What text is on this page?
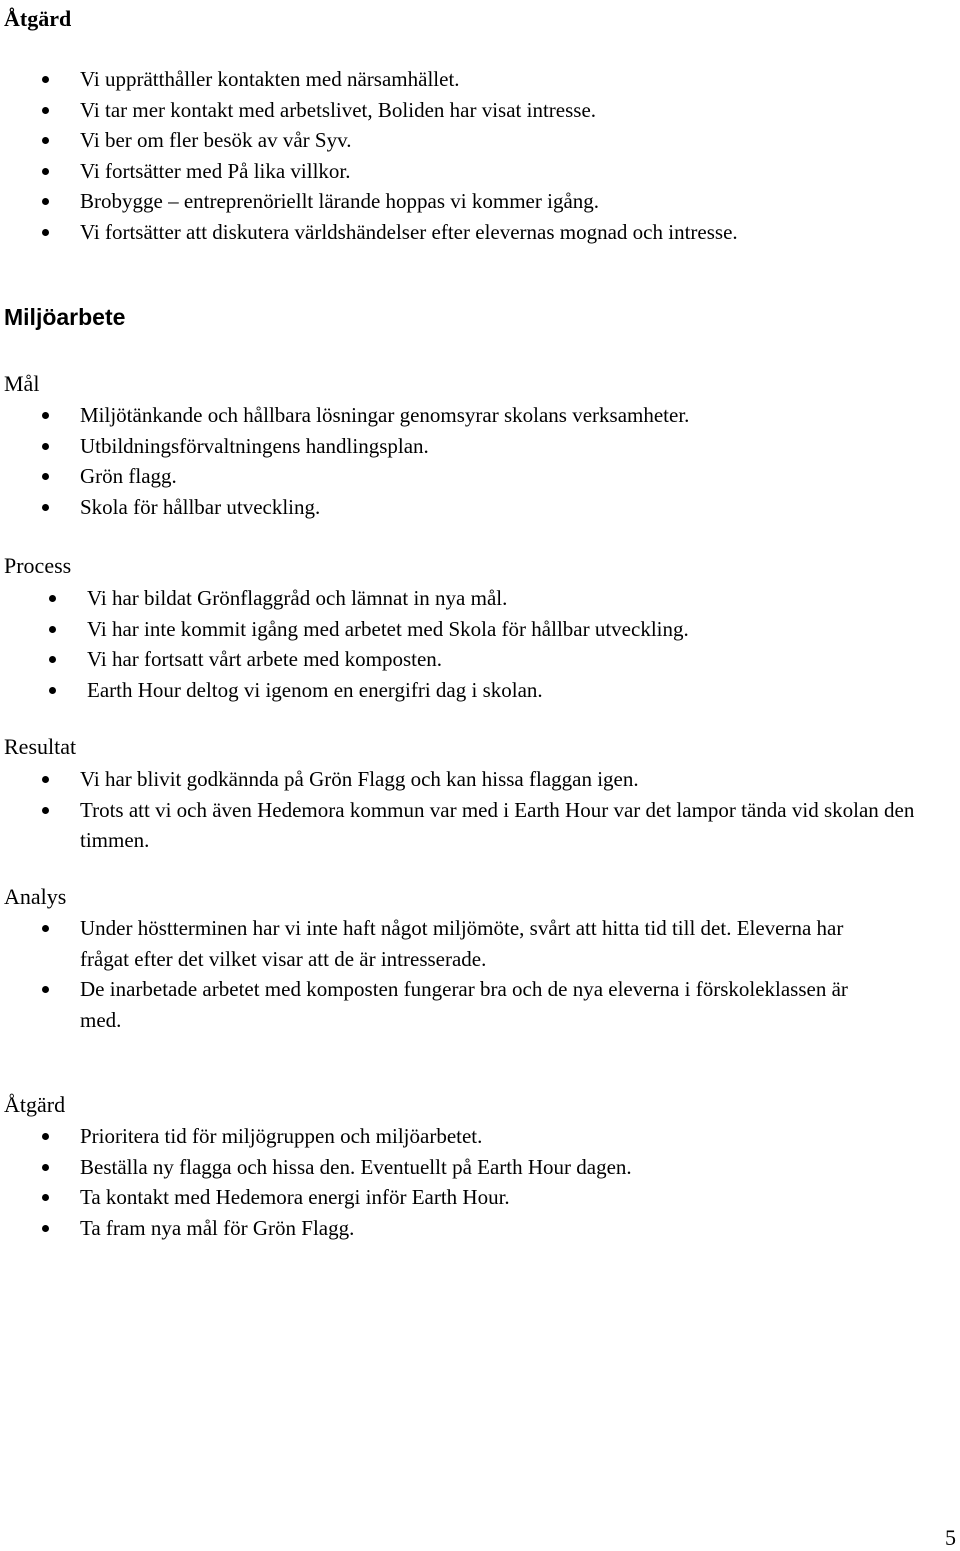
Åtgärd
Vi upprätthåller kontakten med närsamhället.
Vi tar mer kontakt med arbetslivet, Boliden har visat intresse.
Vi ber om fler besök av vår Syv.
Vi fortsätter med På lika villkor.
Brobygge – entreprenöriellt lärande hoppas vi kommer igång.
Vi fortsätter att diskutera världshändelser efter elevernas mognad och intresse.
Miljöarbete
Mål
Miljötänkande och hållbara lösningar genomsyrar skolans verksamheter.
Utbildningsförvaltningens handlingsplan.
Grön flagg.
Skola för hållbar utveckling.
Process
Vi har bildat Grönflaggråd och lämnat in nya mål.
Vi har inte kommit igång med arbetet med Skola för hållbar utveckling.
Vi har fortsatt vårt arbete med komposten.
Earth Hour deltog vi igenom en energifri dag i skolan.
Resultat
Vi har blivit godkännda på Grön Flagg och kan hissa flaggan igen.
Trots att vi och även Hedemora kommun var med i Earth Hour var det lampor tända vid skolan den timmen.
Analys
Under höstterminen har vi inte haft något miljömöte, svårt att hitta tid till det. Eleverna har frågat efter det vilket visar att de är intresserade.
De inarbetade arbetet med komposten fungerar bra och de nya eleverna i förskoleklassen är med.
Åtgärd
Prioritera tid för miljögruppen och miljöarbetet.
Beställa ny flagga och hissa den. Eventuellt på Earth Hour dagen.
Ta kontakt med Hedemora energi inför Earth Hour.
Ta fram nya mål för Grön Flagg.
5
